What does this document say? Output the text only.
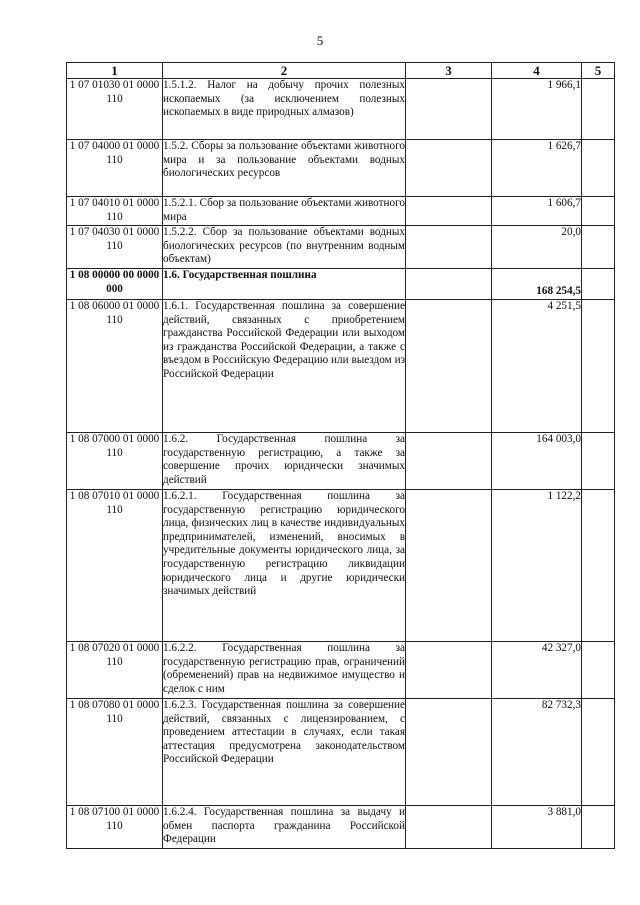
5
1	2	3	4	5
1 07 01030 01 0000 110	1.5.1.2. Налог на добычу прочих полезных ископаемых (за исключением полезных ископаемых в виде природных алмазов)		1 966,1	
1 07 04000 01 0000 110	1.5.2. Сборы за пользование объектами животного мира и за пользование объектами водных биологических ресурсов		1 626,7	
1 07 04010 01 0000 110	1.5.2.1. Сбор за пользование объектами животного мира		1 606,7	
1 07 04030 01 0000 110	1.5.2.2. Сбор за пользование объектами водных биологических ресурсов (по внутренним водным объектам)		20,0	
1 08 00000 00 0000 000	1.6. Государственная пошлина		168 254,5	
1 08 06000 01 0000 110	1.6.1. Государственная пошлина за совершение действий, связанных с приобретением гражданства Российской Федерации или выходом из гражданства Российской Федерации, а также с въездом в Российскую Федерацию или выездом из Российской Федерации		4 251,5	
1 08 07000 01 0000 110	1.6.2. Государственная пошлина за государственную регистрацию, а также за совершение прочих юридически значимых действий		164 003,0	
1 08 07010 01 0000 110	1.6.2.1. Государственная пошлина за государственную регистрацию юридического лица, физических лиц в качестве индивидуальных предпринимателей, изменений, вносимых в учредительные документы юридического лица, за государственную регистрацию ликвидации юридического лица и другие юридически значимых действий		1 122,2	
1 08 07020 01 0000 110	1.6.2.2. Государственная пошлина за государственную регистрацию прав, ограничений (обременений) прав на недвижимое имущество и сделок с ним		42 327,0	
1 08 07080 01 0000 110	1.6.2.3. Государственная пошлина за совершение действий, связанных с лицензированием, с проведением аттестации в случаях, если такая аттестация предусмотрена законодательством Российской Федерации		82 732,3	
1 08 07100 01 0000 110	1.6.2.4. Государственная пошлина за выдачу и обмен паспорта гражданина Российской Федерации		3 881,0	
